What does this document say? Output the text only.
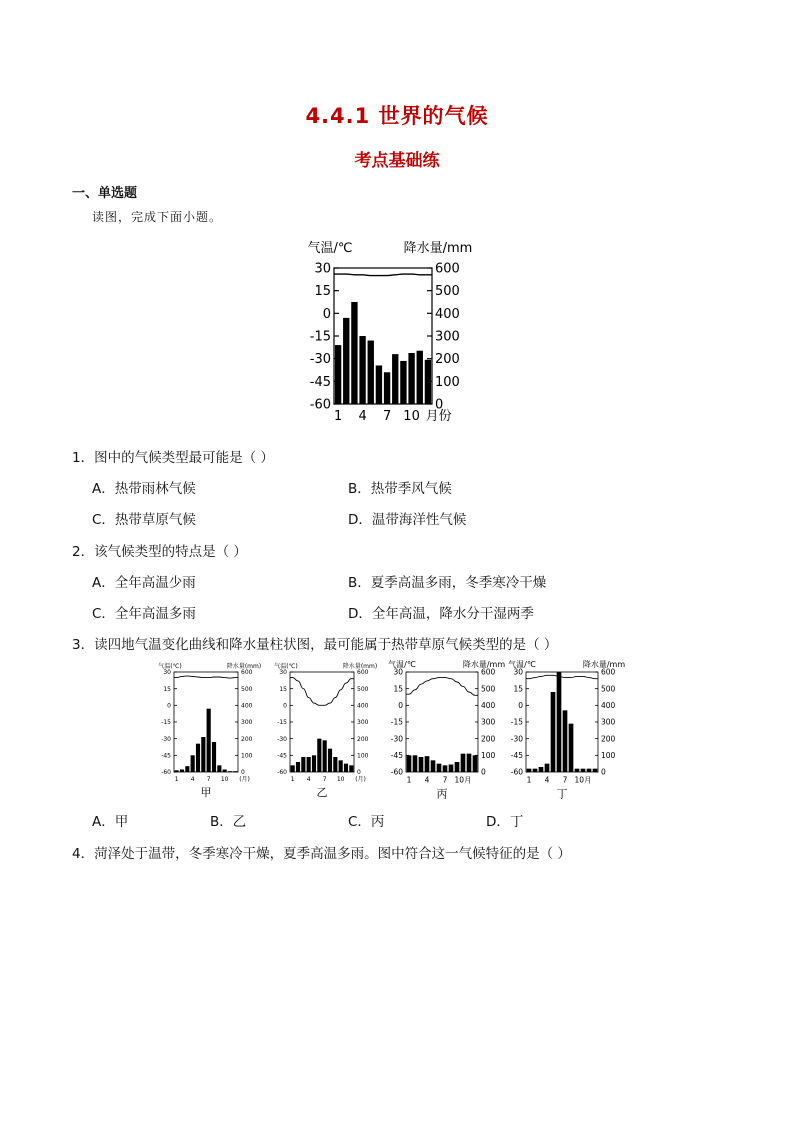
4.4.1 世界的气候
考点基础练
一、单选题
读图，完成下面小题。
气温/℃	降水量/mm
30
15
0
-15
-30
-45
-60
600
500
400
300
200
100
0
1 4 7 10 月份
1．图中的气候类型最可能是（ ）
A．热带雨林气候	B．热带季风气候
C．热带草原气候	D．温带海洋性气候
2．该气候类型的特点是（ ）
A．全年高温少雨	B．夏季高温多雨，冬季寒冷干燥
C．全年高温多雨	D．全年高温，降水分干湿两季
3．读四地气温变化曲线和降水量柱状图，最可能属于热带草原气候类型的是（ ）
气温(℃)	降水量(mm)
30
15
0
-15
-30
-45
-60
600
500
400
300
200
100
0
1 4 7 10 (月)
甲
气温(℃)	降水量(mm)
30
15
0
-15
-30
-45
-60
600
500
400
300
200
100
0
1 4 7 10 (月)
乙
气温/℃	降水量/mm
30
15
0
-15
-30
-45
-60
600
500
400
300
200
100
0
1 4 7 10月
丙
气温/℃	降水量/mm
30
15
0
-15
-30
-45
-60
600
500
400
300
200
100
0
1 4 7 10月
丁
A．甲	B．乙	C．丙	D．丁
4．菏泽处于温带，冬季寒冷干燥，夏季高温多雨。图中符合这一气候特征的是（ ）
